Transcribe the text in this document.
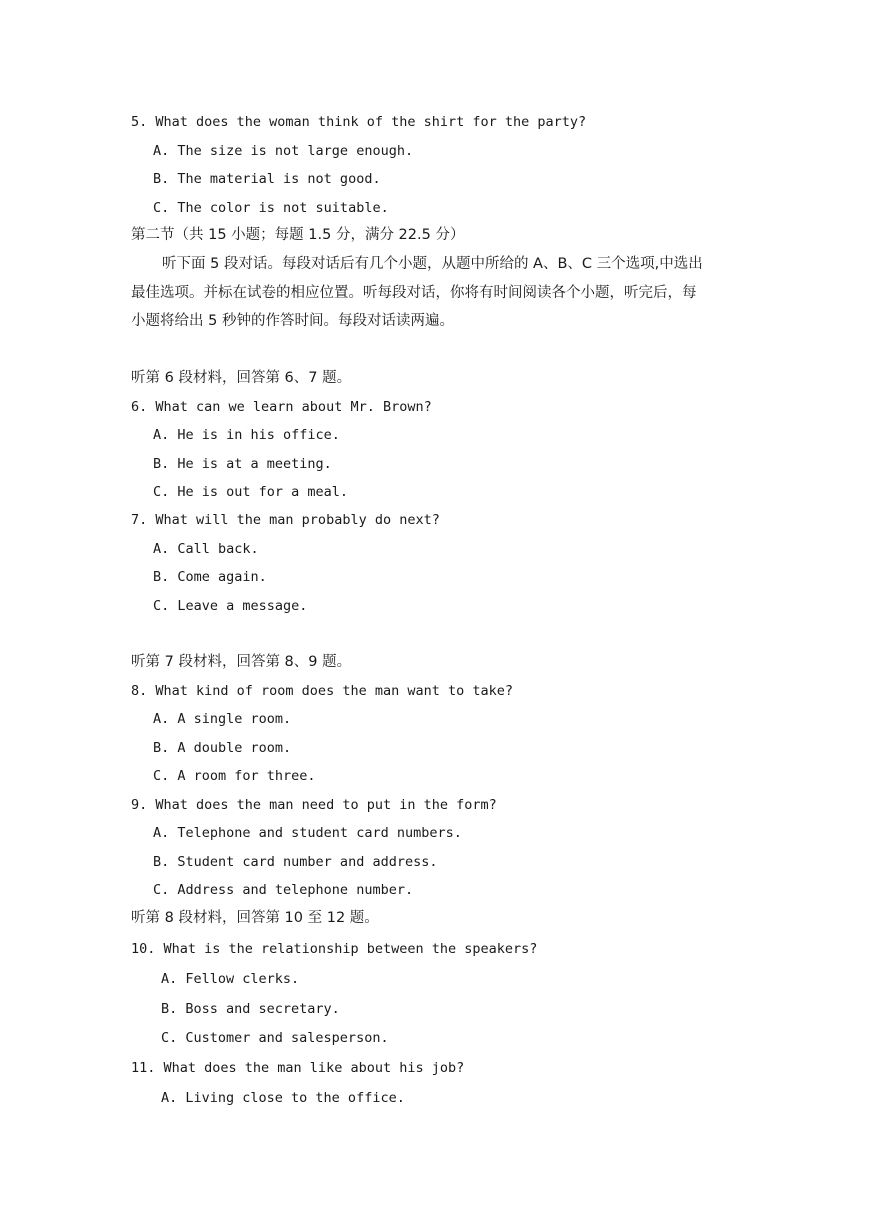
5. What does the woman think of the shirt for the party?
A. The size is not large enough.
B. The material is not good.
C. The color is not suitable.
第二节（共 15 小题；每题 1.5 分，满分 22.5 分）
听下面 5 段对话。每段对话后有几个小题，从题中所给的 A、B、C 三个选项,中选出
最佳选项。并标在试卷的相应位置。听每段对话，你将有时间阅读各个小题，听完后，每
小题将给出 5 秒钟的作答时间。每段对话读两遍。
听第 6 段材料，回答第 6、7 题。
6. What can we learn about Mr. Brown?
A. He is in his office.
B. He is at a meeting.
C. He is out for a meal.
7. What will the man probably do next?
A. Call back.
B. Come again.
C. Leave a message.
听第 7 段材料，回答第 8、9 题。
8. What kind of room does the man want to take?
A. A single room.
B. A double room.
C. A room for three.
9. What does the man need to put in the form?
A. Telephone and student card numbers.
B. Student card number and address.
C. Address and telephone number.
听第 8 段材料，回答第 10 至 12 题。
10. What is the relationship between the speakers?
A. Fellow clerks.
B. Boss and secretary.
C. Customer and salesperson.
11. What does the man like about his job?
A. Living close to the office.
